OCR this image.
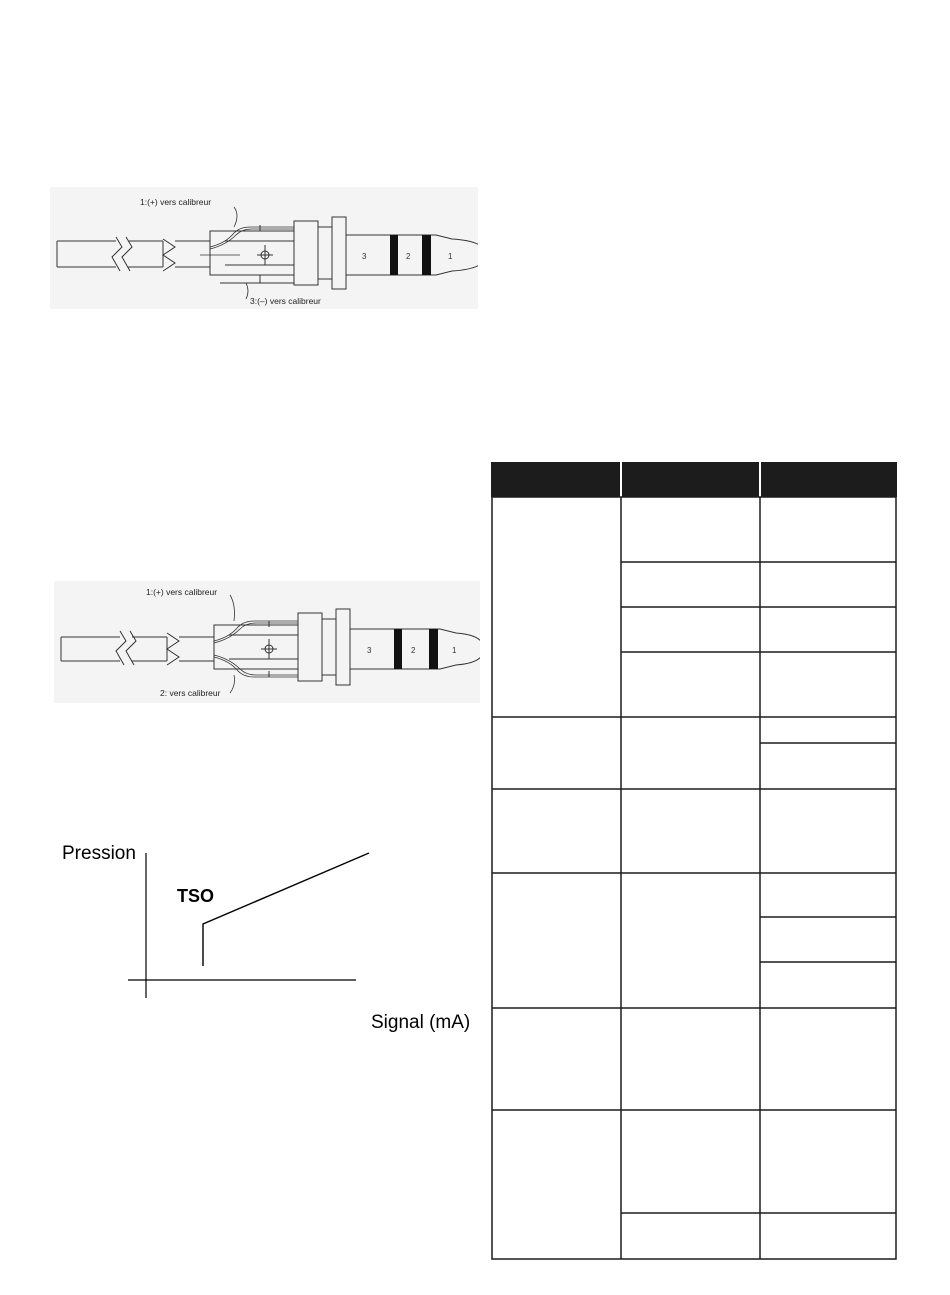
3	2	1
1:(+) vers calibreur
3:(–) vers calibreur
3	2	1
1:(+) vers calibreur
2: vers calibreur
Pression
TSO
Signal (mA)
